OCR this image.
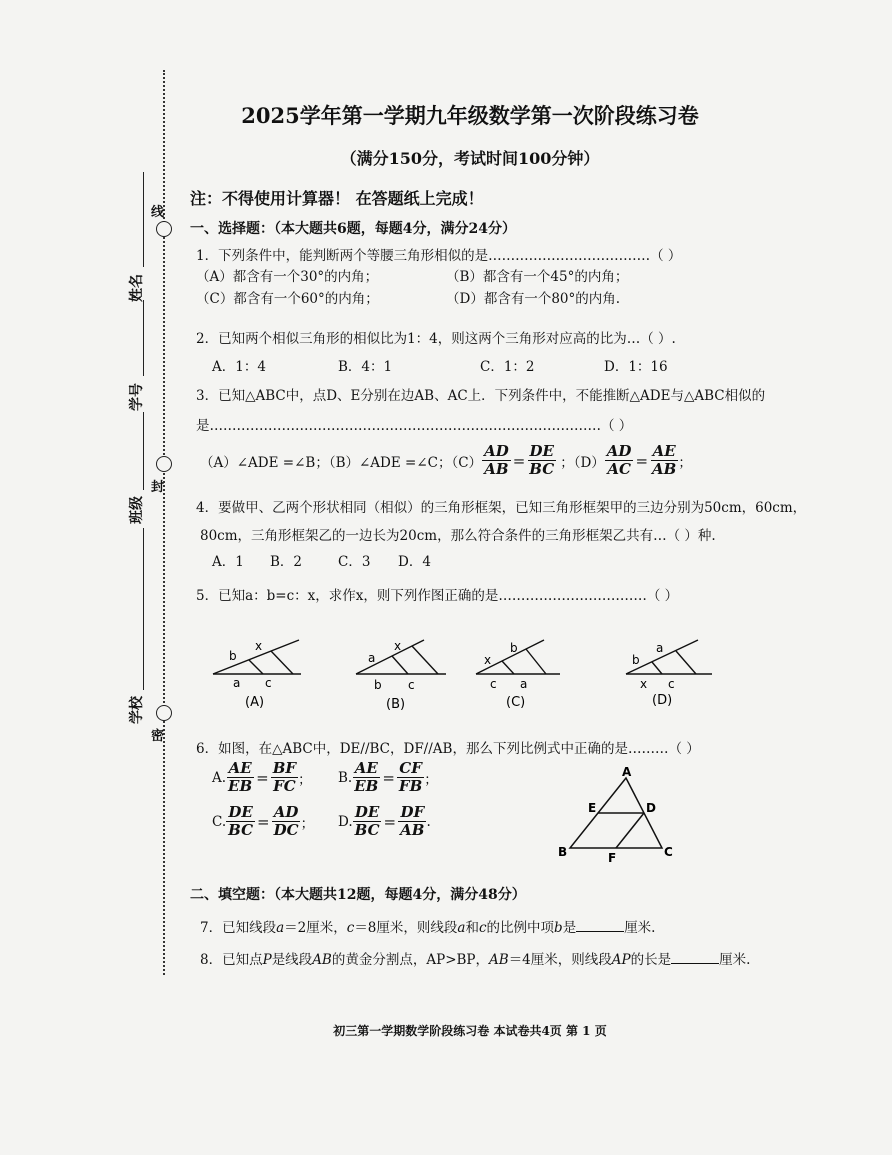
线
封
密
姓名
学号
班级
学校
2025学年第一学期九年级数学第一次阶段练习卷
（满分150分，考试时间100分钟）
注：不得使用计算器！ 在答题纸上完成！
一、选择题：（本大题共6题，每题4分，满分24分）
1．下列条件中，能判断两个等腰三角形相似的是………………………………（ ）
（A）都含有一个30°的内角；	（B）都含有一个45°的内角；
（C）都含有一个60°的内角；	（D）都含有一个80°的内角.
2．已知两个相似三角形的相似比为1：4，则这两个三角形对应高的比为…（ ）.
A．1：4	B．4：1	C．1：2	D．1：16
3．已知△ABC中，点D、E分别在边AB、AC上．下列条件中，不能推断△ADE与△ABC相似的
是……………………………………………………………………………（ ）
（A）∠ADE =∠B；（B）∠ADE =∠C；$(C) \frac{AD}{AB} = \frac{DE}{BC}$ ；$(D) \frac{AD}{AC} = \frac{AE}{AB}$ ；
4．要做甲、乙两个形状相同（相似）的三角形框架，已知三角形框架甲的三边分别为50cm，60cm，
80cm，三角形框架乙的一边长为20cm，那么符合条件的三角形框架乙共有…（ ）种.
A．1 B．2	C．3 D．4
5．已知a：b=c：x，求作x，则下列作图正确的是……………………………（ ）
b
x
a c
(A)
a
x
b c
(B)
x
b
c a
(C)
b
a
x c
(D)
6．如图，在△ABC中，DE//BC，DF//AB，那么下列比例式中正确的是………（ ）
A. $\frac{AE}{EB} = \frac{BF}{FC}$ ； B. $\frac{AE}{EB} = \frac{CF}{FB}$ ；
C. $\frac{DE}{BC} = \frac{AD}{DC}$ ； D. $\frac{DE}{BC} = \frac{DF}{AB}$ .
A
B	C
D
E
F
二、填空题：（本大题共12题，每题4分，满分48分）
7．已知线段a＝2厘米，c＝8厘米，则线段a和c的比例中项b是	厘米.
8．已知点P是线段AB的黄金分割点，AP>BP，AB＝4厘米，则线段AP的长是	厘米.
初三第一学期数学阶段练习卷 本试卷共4页 第 1 页
